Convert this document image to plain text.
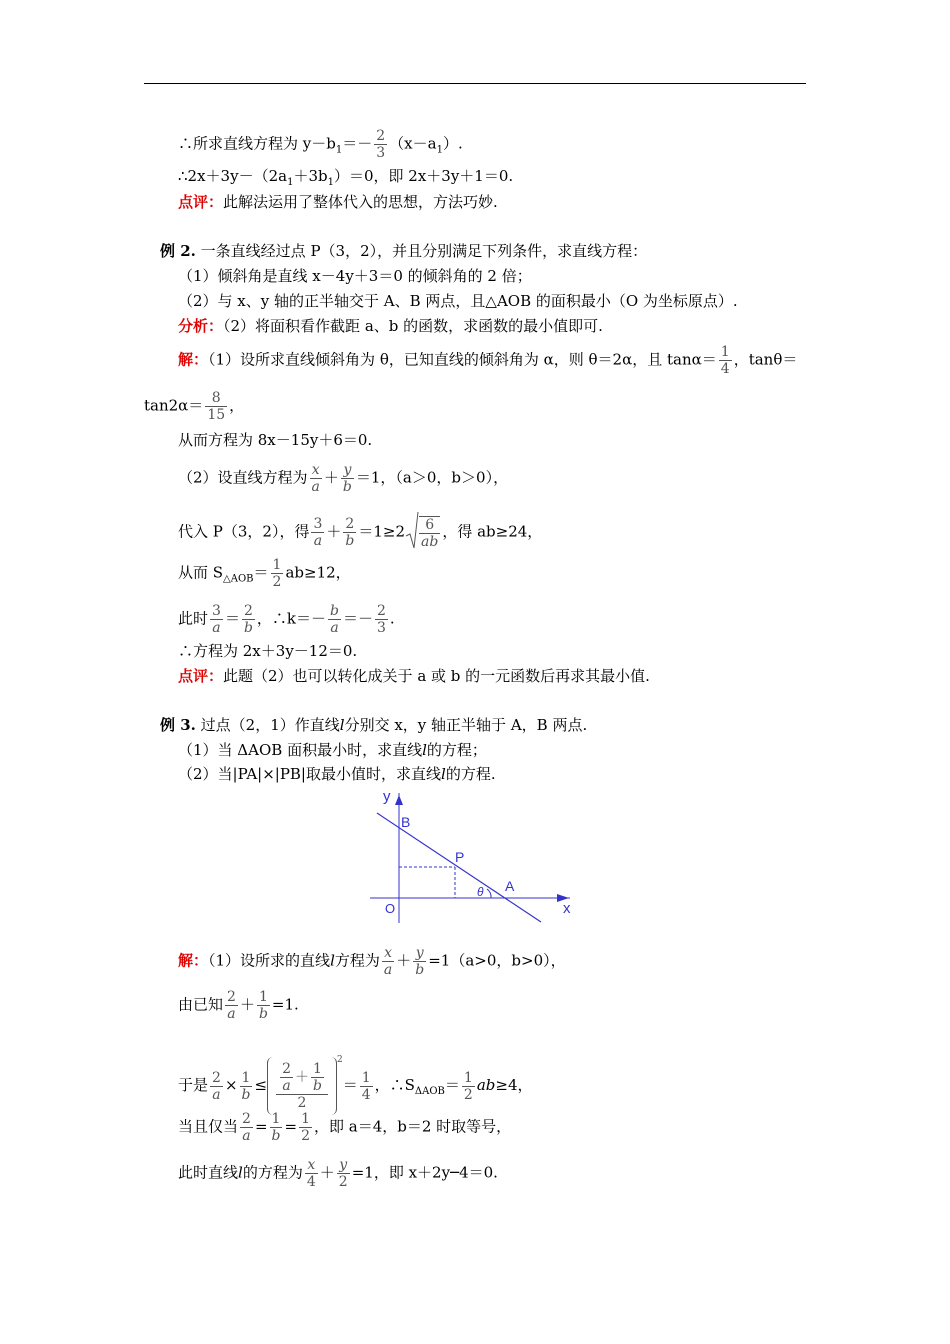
∴所求直线方程为 $y-b_1=- \frac{2}{3} (x-a_1)$.
$\therefore 2x+3y-(2a_1+3b_1)=0$，即 2x＋3y＋1＝0.
点评：此解法运用了整体代入的思想，方法巧妙.
例 2. 一条直线经过点 P（3，2），并且分别满足下列条件，求直线方程：
（1）倾斜角是直线 x－4y＋3＝0 的倾斜角的 2 倍；
（2）与 x、y 轴的正半轴交于 A、B 两点，且△AOB 的面积最小（O 为坐标原点）.
分析：（2）将面积看作截距 a、b 的函数，求函数的最小值即可.
解：（1）设所求直线倾斜角为 θ，已知直线的倾斜角为 α，则 θ＝2α，且 $\tan\alpha= \frac{1}{4}$ ，tanθ＝
$\tan 2\alpha= \frac{8}{15}$ ，
从而方程为 8x－15y＋6＝0.
（2）设直线方程为 $\frac{x}{a} + \frac{y}{b} =1$，（a＞0，b＞0），
代入 P（3，2），得 $\frac{3}{a} + \frac{2}{b} =1\ge 2 \frac{6}{ab}$ ，得 ab≥24，
从而 $S_{\triangle AOB}= \frac{1}{2} ab\ge 12$，
此时 $\frac{3}{a} = \frac{2}{b}$ ，∴k＝－ $\frac{b}{a} =- \frac{2}{3}$ .
∴方程为 2x＋3y－12＝0.
点评：此题（2）也可以转化成关于 a 或 b 的一元函数后再求其最小值.
例 3. 过点（2，1）作直线l分别交 x，y 轴正半轴于 A，B 两点.
（1）当 ΔAOB 面积最小时，求直线l的方程；
（2）当|PA|×|PB|取最小值时，求直线l的方程.
y
x
O
B
P
A
θ
解：（1）设所求的直线l方程为 $\frac{x}{a} + \frac{y}{b} =1(a>0$，b>0），
由已知 $\frac{2}{a} + \frac{1}{b} =1$.
于是 $\frac{2}{a} \times \frac{1}{b} \le \frac{\frac{2}{a} + \frac{1}{b}}{2}$
$^2= \frac{1}{4}$ ，$\therefore S_{\Delta AOB}= \frac{1}{2} ab\ge 4$，
当且仅当 $\frac{2}{a} = \frac{1}{b} = \frac{1}{2}$ ，即 a＝4，b＝2 时取等号，
此时直线l的方程为 $\frac{x}{4} + \frac{y}{2} =1$，即 x＋2y─4＝0.
